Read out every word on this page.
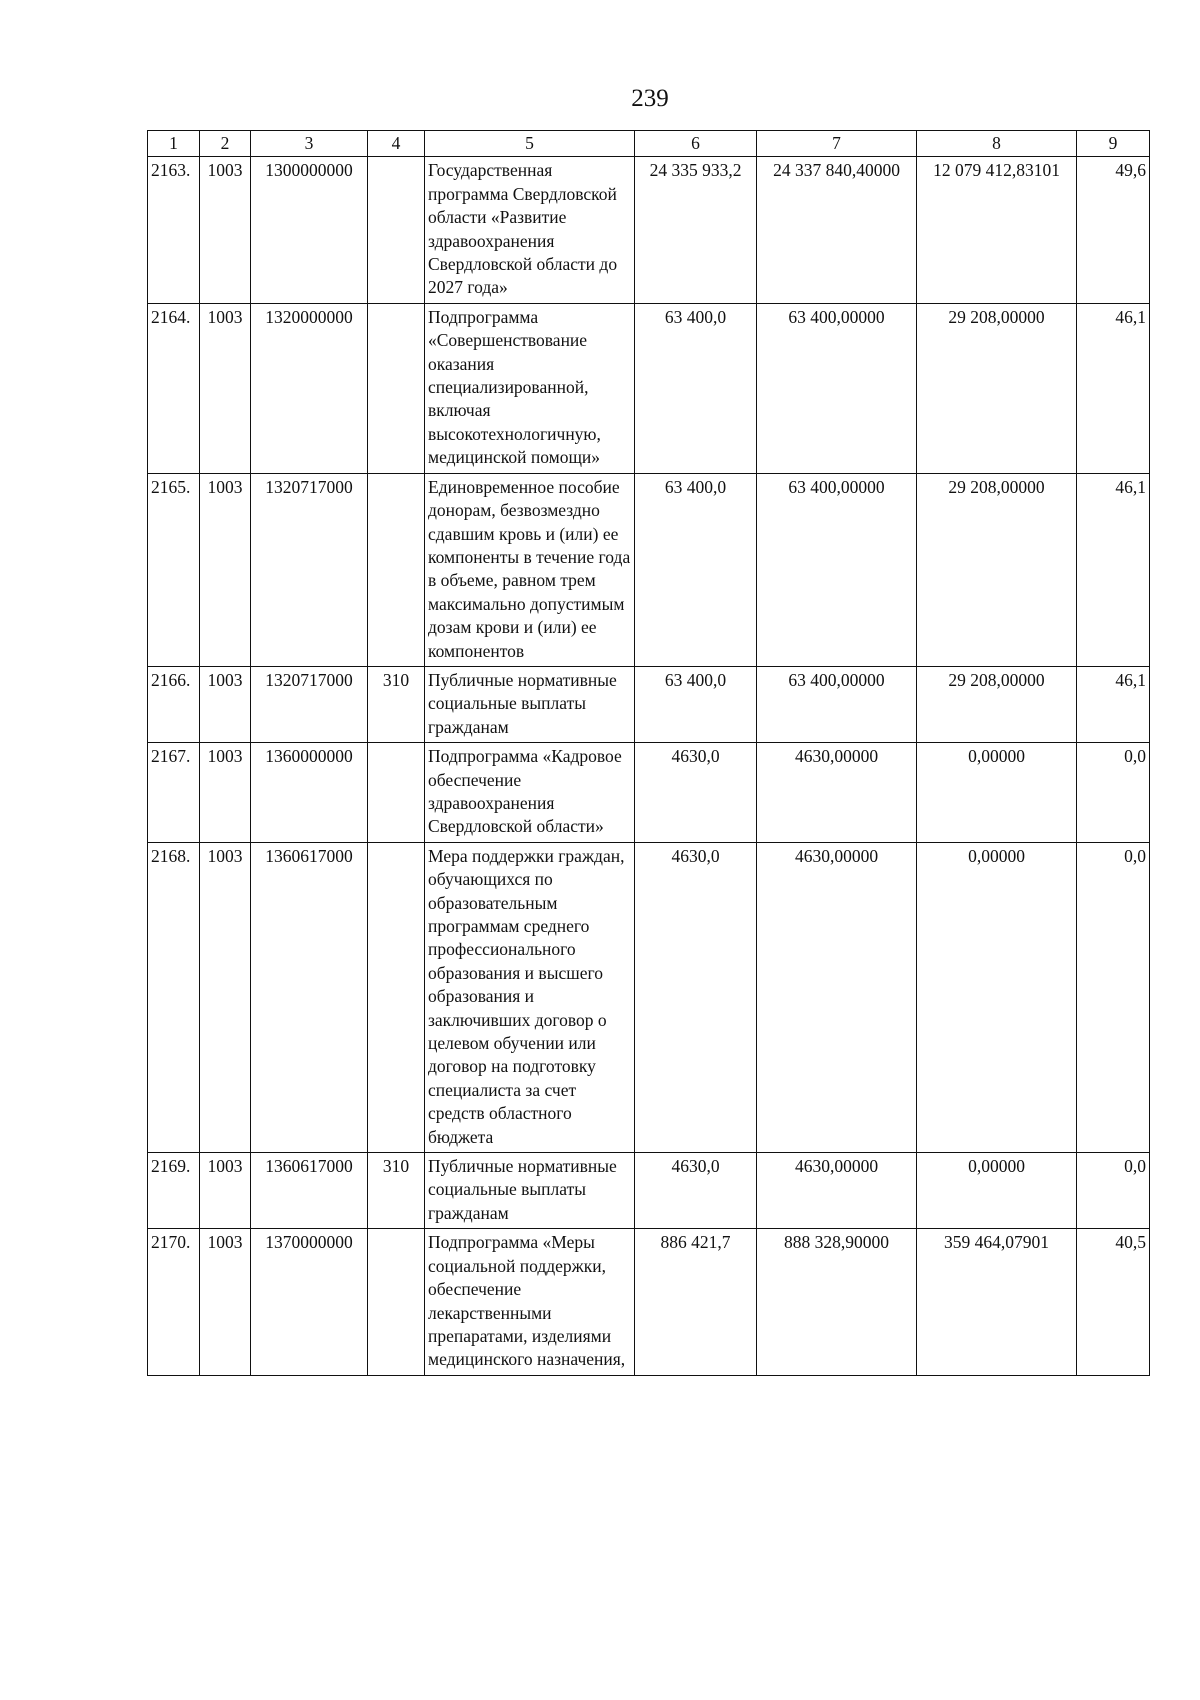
239
1	2	3	4	5	6	7	8	9
2163.	1003	1300000000		Государственная программа Свердловской области «Развитие здравоохранения Свердловской области до 2027 года»	24 335 933,2	24 337 840,40000	12 079 412,83101	49,6
2164.	1003	1320000000		Подпрограмма «Совершенствование оказания специализированной, включая высокотехнологичную, медицинской помощи»	63 400,0	63 400,00000	29 208,00000	46,1
2165.	1003	1320717000		Единовременное пособие донорам, безвозмездно сдавшим кровь и (или) ее компоненты в течение года в объеме, равном трем максимально допустимым дозам крови и (или) ее компонентов	63 400,0	63 400,00000	29 208,00000	46,1
2166.	1003	1320717000	310	Публичные нормативные социальные выплаты гражданам	63 400,0	63 400,00000	29 208,00000	46,1
2167.	1003	1360000000		Подпрограмма «Кадровое обеспечение здравоохранения Свердловской области»	4630,0	4630,00000	0,00000	0,0
2168.	1003	1360617000		Мера поддержки граждан, обучающихся по образовательным программам среднего профессионального образования и высшего образования и заключивших договор о целевом обучении или договор на подготовку специалиста за счет средств областного бюджета	4630,0	4630,00000	0,00000	0,0
2169.	1003	1360617000	310	Публичные нормативные социальные выплаты гражданам	4630,0	4630,00000	0,00000	0,0
2170.	1003	1370000000		Подпрограмма «Меры социальной поддержки, обеспечение лекарственными препаратами, изделиями медицинского назначения,	886 421,7	888 328,90000	359 464,07901	40,5
